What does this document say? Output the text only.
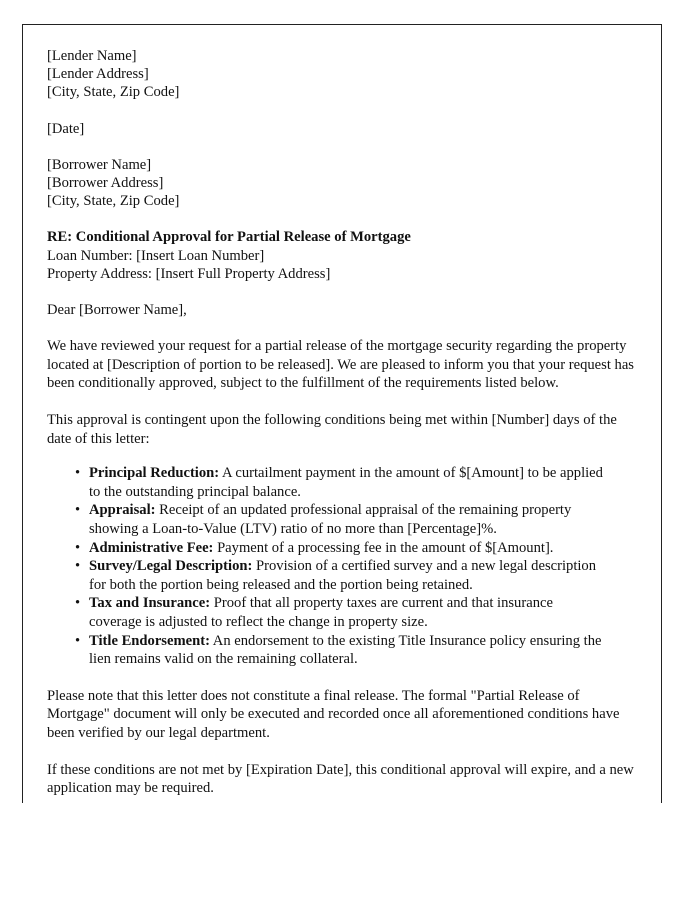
[Lender Name]
[Lender Address]
[City, State, Zip Code]
[Date]
[Borrower Name]
[Borrower Address]
[City, State, Zip Code]
RE: Conditional Approval for Partial Release of Mortgage
Loan Number: [Insert Loan Number]
Property Address: [Insert Full Property Address]
Dear [Borrower Name],

We have reviewed your request for a partial release of the mortgage security regarding the property located at [Description of portion to be released]. We are pleased to inform you that your request has been conditionally approved, subject to the fulfillment of the requirements listed below.

This approval is contingent upon the following conditions being met within [Number] days of the date of this letter:

• Principal Reduction: A curtailment payment in the amount of $[Amount] to be applied to the outstanding principal balance.
• Appraisal: Receipt of an updated professional appraisal of the remaining property showing a Loan-to-Value (LTV) ratio of no more than [Percentage]%.
• Administrative Fee: Payment of a processing fee in the amount of $[Amount].
• Survey/Legal Description: Provision of a certified survey and a new legal description for both the portion being released and the portion being retained.
• Tax and Insurance: Proof that all property taxes are current and that insurance coverage is adjusted to reflect the change in property size.
• Title Endorsement: An endorsement to the existing Title Insurance policy ensuring the lien remains valid on the remaining collateral.

Please note that this letter does not constitute a final release. The formal "Partial Release of Mortgage" document will only be executed and recorded once all aforementioned conditions have been verified by our legal department.

If these conditions are not met by [Expiration Date], this conditional approval will expire, and a new application may be required.
